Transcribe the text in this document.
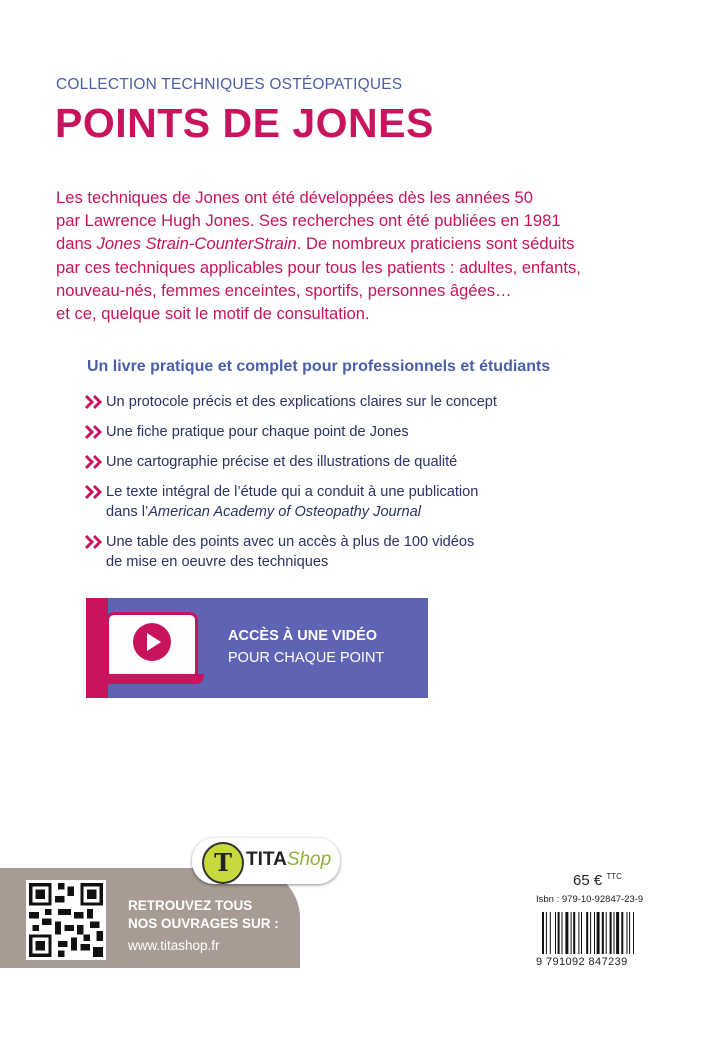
COLLECTION TECHNIQUES OSTÉOPATIQUES
POINTS DE JONES

Les techniques de Jones ont été développées dès les années 50

par Lawrence Hugh Jones. Ses recherches ont été publiées en 1981

dans Jones Strain-CounterStrain. De nombreux praticiens sont séduits

par ces techniques applicables pour tous les patients : adultes, enfants,

nouveau-nés, femmes enceintes, sportifs, personnes âgées…

et ce, quelque soit le motif de consultation.

Un livre pratique et complet pour professionnels et étudiants
Un protocole précis et des explications claires sur le concept
Une fiche pratique pour chaque point de Jones
Une cartographie précise et des illustrations de qualité
Le texte intégral de l’étude qui a conduit à une publication
dans l’American Academy of Osteopathy Journal
Une table des points avec un accès à plus de 100 vidéos
de mise en oeuvre des techniques
ACCÈS À UNE VIDÉO
POUR CHAQUE POINT
RETROUVEZ TOUS
NOS OUVRAGES SUR :
www.titashop.fr
T TITAShop
65 € $^{TTC}$
Isbn : 979-10-92847-23-9
9 791092 847239
